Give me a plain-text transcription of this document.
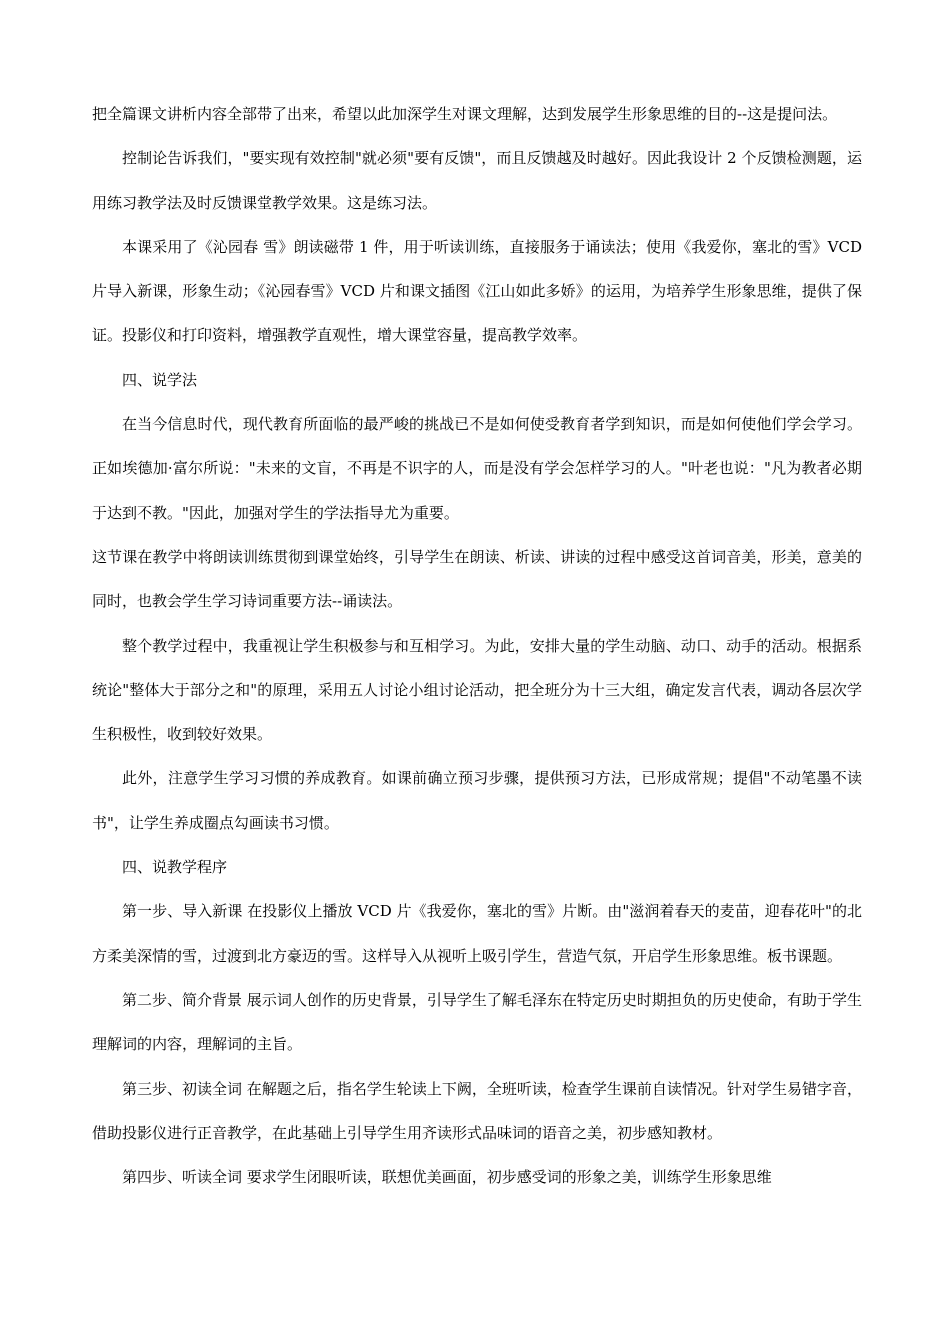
把全篇课文讲析内容全部带了出来，希望以此加深学生对课文理解，达到发展学生形象思维的目的--这是提问法。

控制论告诉我们，"要实现有效控制"就必须"要有反馈"，而且反馈越及时越好。因此我设计 2 个反馈检测题，运用练习教学法及时反馈课堂教学效果。这是练习法。

本课采用了《沁园春 雪》朗读磁带 1 件，用于听读训练，直接服务于诵读法；使用《我爱你，塞北的雪》VCD 片导入新课，形象生动；《沁园春雪》VCD 片和课文插图《江山如此多娇》的运用，为培养学生形象思维，提供了保证。投影仪和打印资料，增强教学直观性，增大课堂容量，提高教学效率。

四、说学法

在当今信息时代，现代教育所面临的最严峻的挑战已不是如何使受教育者学到知识，而是如何使他们学会学习。正如埃德加·富尔所说："未来的文盲，不再是不识字的人，而是没有学会怎样学习的人。"叶老也说："凡为教者必期于达到不教。"因此，加强对学生的学法指导尤为重要。

这节课在教学中将朗读训练贯彻到课堂始终，引导学生在朗读、析读、讲读的过程中感受这首词音美，形美，意美的同时，也教会学生学习诗词重要方法--诵读法。

整个教学过程中，我重视让学生积极参与和互相学习。为此，安排大量的学生动脑、动口、动手的活动。根据系统论"整体大于部分之和"的原理，采用五人讨论小组讨论活动，把全班分为十三大组，确定发言代表，调动各层次学生积极性，收到较好效果。

此外，注意学生学习习惯的养成教育。如课前确立预习步骤，提供预习方法，已形成常规；提倡"不动笔墨不读书"，让学生养成圈点勾画读书习惯。

四、说教学程序

第一步、导入新课 在投影仪上播放 VCD 片《我爱你，塞北的雪》片断。由"滋润着春天的麦苗，迎春花叶"的北方柔美深情的雪，过渡到北方豪迈的雪。这样导入从视听上吸引学生，营造气氛，开启学生形象思维。板书课题。

第二步、简介背景 展示词人创作的历史背景，引导学生了解毛泽东在特定历史时期担负的历史使命，有助于学生理解词的内容，理解词的主旨。

第三步、初读全词 在解题之后，指名学生轮读上下阙，全班听读，检查学生课前自读情况。针对学生易错字音，借助投影仪进行正音教学，在此基础上引导学生用齐读形式品味词的语音之美，初步感知教材。

第四步、听读全词 要求学生闭眼听读，联想优美画面，初步感受词的形象之美，训练学生形象思维
